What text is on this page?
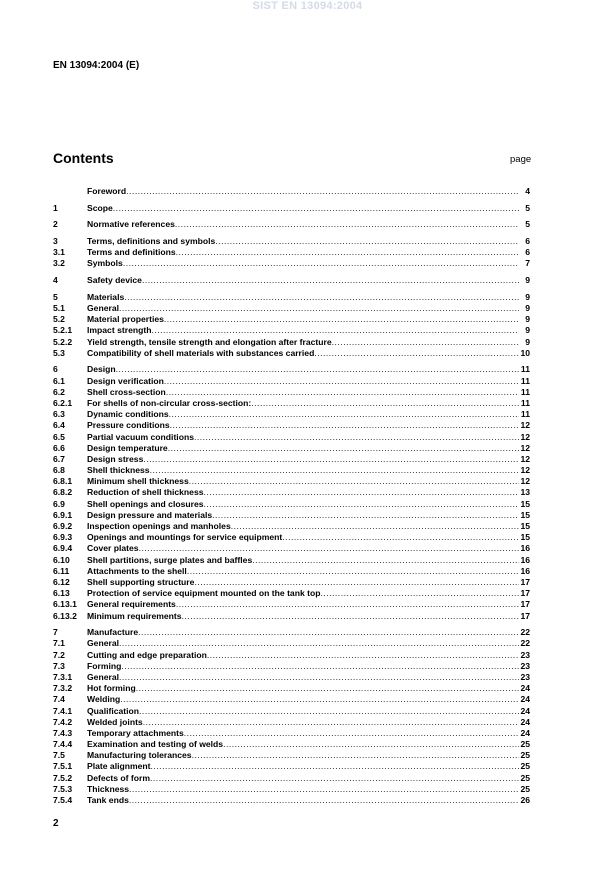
SIST EN 13094:2004
EN 13094:2004 (E)
Contents	page
Foreword .....	4
1	Scope .....	5
2	Normative references .....	5
3	Terms, definitions and symbols .....	6
3.1	Terms and definitions .....	6
3.2	Symbols .....	7
4	Safety device .....	9
5	Materials .....	9
5.1	General .....	9
5.2	Material properties .....	9
5.2.1	Impact strength .....	9
5.2.2	Yield strength, tensile strength and elongation after fracture .....	9
5.3	Compatibility of shell materials with substances carried .....	10
6	Design .....	11
6.1	Design verification .....	11
6.2	Shell cross-section .....	11
6.2.1	For shells of non-circular cross-section: .....	11
6.3	Dynamic conditions .....	11
6.4	Pressure conditions .....	12
6.5	Partial vacuum conditions .....	12
6.6	Design temperature .....	12
6.7	Design stress .....	12
6.8	Shell thickness .....	12
6.8.1	Minimum shell thickness .....	12
6.8.2	Reduction of shell thickness .....	13
6.9	Shell openings and closures .....	15
6.9.1	Design pressure and materials .....	15
6.9.2	Inspection openings and manholes .....	15
6.9.3	Openings and mountings for service equipment .....	15
6.9.4	Cover plates .....	16
6.10	Shell partitions, surge plates and baffles .....	16
6.11	Attachments to the shell .....	16
6.12	Shell supporting structure .....	17
6.13	Protection of service equipment mounted on the tank top .....	17
6.13.1	General requirements .....	17
6.13.2	Minimum requirements .....	17
7	Manufacture .....	22
7.1	General .....	22
7.2	Cutting and edge preparation .....	23
7.3	Forming .....	23
7.3.1	General .....	23
7.3.2	Hot forming .....	24
7.4	Welding .....	24
7.4.1	Qualification .....	24
7.4.2	Welded joints .....	24
7.4.3	Temporary attachments .....	24
7.4.4	Examination and testing of welds .....	25
7.5	Manufacturing tolerances .....	25
7.5.1	Plate alignment .....	25
7.5.2	Defects of form .....	25
7.5.3	Thickness .....	25
7.5.4	Tank ends .....	26
2
